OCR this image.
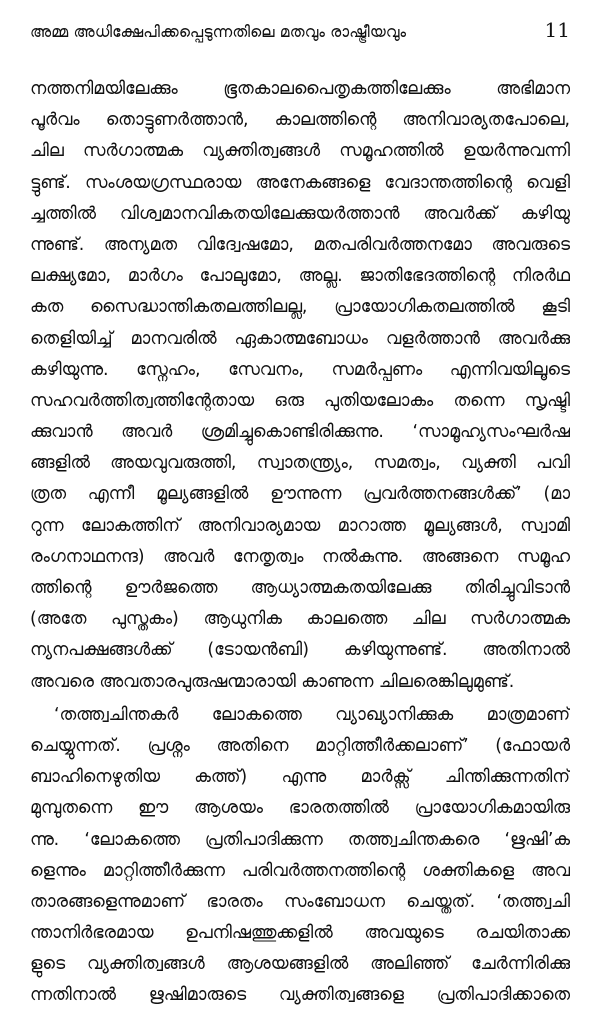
അമ്മ അധിക്ഷേപിക്കപ്പെടുന്നതിലെ മതവും രാഷ്ട്രീയവും	11

നത്തനിമയിലേക്കും ഭൂതകാലപൈതൃകത്തിലേക്കും അഭിമാന
പൂർവം തൊട്ടുണർത്താൻ, കാലത്തിന്റെ അനിവാര്യതപോലെ,
ചില സർഗാത്മക വ്യക്തിത്വങ്ങൾ സമൂഹത്തിൽ ഉയർന്നുവന്നി
ട്ടുണ്ട്. സംശയഗ്രസ്ഥരായ അനേകങ്ങളെ വേദാന്തത്തിന്റെ വെളി
ച്ചത്തിൽ വിശ്വമാനവികതയിലേക്കുയർത്താൻ അവർക്ക് കഴിയു
ന്നുണ്ട്. അന്യമത വിദ്വേഷമോ, മതപരിവർത്തനമോ അവരുടെ
ലക്ഷ്യമോ, മാർഗം പോലുമോ, അല്ല. ജാതിഭേദത്തിന്റെ നിരർഥ
കത സൈദ്ധാന്തികതലത്തിലല്ല, പ്രായോഗികതലത്തിൽ കൂടി
തെളിയിച്ച് മാനവരിൽ ഏകാത്മബോധം വളർത്താൻ അവർക്കു
കഴിയുന്നു. സ്നേഹം, സേവനം, സമർപ്പണം എന്നിവയിലൂടെ
സഹവർത്തിത്വത്തിന്റേതായ ഒരു പുതിയലോകം തന്നെ സൃഷ്ടി
ക്കുവാൻ അവർ ശ്രമിച്ചുകൊണ്ടിരിക്കുന്നു. ‘സാമൂഹ്യസംഘർഷ
ങ്ങളിൽ അയവുവരുത്തി, സ്വാതന്ത്ര്യം, സമത്വം, വ്യക്തി പവി
ത്രത എന്നീ മൂല്യങ്ങളിൽ ഊന്നുന്ന പ്രവർത്തനങ്ങൾക്ക്’ (മാ
റുന്ന ലോകത്തിന് അനിവാര്യമായ മാറാത്ത മൂല്യങ്ങൾ, സ്വാമി
രംഗനാഥനന്ദ) അവർ നേതൃത്വം നൽകുന്നു. അങ്ങനെ സമൂഹ
ത്തിന്റെ ഊർജത്തെ ആധ്യാത്മകതയിലേക്കു തിരിച്ചുവിടാൻ
(അതേ പുസ്തകം) ആധുനിക കാലത്തെ ചില സർഗാത്മക
ന്യനപക്ഷങ്ങൾക്ക് (ടോയൻബി) കഴിയുന്നുണ്ട്. അതിനാൽ
അവരെ അവതാരപുരുഷന്മാരായി കാണുന്ന ചിലരെങ്കിലുമുണ്ട്.

‘തത്ത്വചിന്തകർ ലോകത്തെ വ്യാഖ്യാനിക്കുക മാത്രമാണ്
ചെയ്യുന്നത്. പ്രശ്നം അതിനെ മാറ്റിത്തീർക്കലാണ്’ (ഫോയർ
ബാഹിനെഴുതിയ കത്ത്) എന്നു മാർക്സ് ചിന്തിക്കുന്നതിന്
മുമ്പുതന്നെ ഈ ആശയം ഭാരതത്തിൽ പ്രായോഗികമായിരു
ന്നു. ‘ലോകത്തെ പ്രതിപാദിക്കുന്ന തത്ത്വചിന്തകരെ ‘ഋഷി’ക
ളെന്നും മാറ്റിത്തീർക്കുന്ന പരിവർത്തനത്തിന്റെ ശക്തികളെ അവ
താരങ്ങളെന്നുമാണ് ഭാരതം സംബോധന ചെയ്തത്. ‘തത്ത്വചി
ന്താനിർഭരമായ ഉപനിഷത്തുക്കളിൽ അവയുടെ രചയിതാക്ക
ളുടെ വ്യക്തിത്വങ്ങൾ ആശയങ്ങളിൽ അലിഞ്ഞ് ചേർന്നിരിക്കു
ന്നതിനാൽ ഋഷിമാരുടെ വ്യക്തിത്വങ്ങളെ പ്രതിപാദിക്കാതെ
